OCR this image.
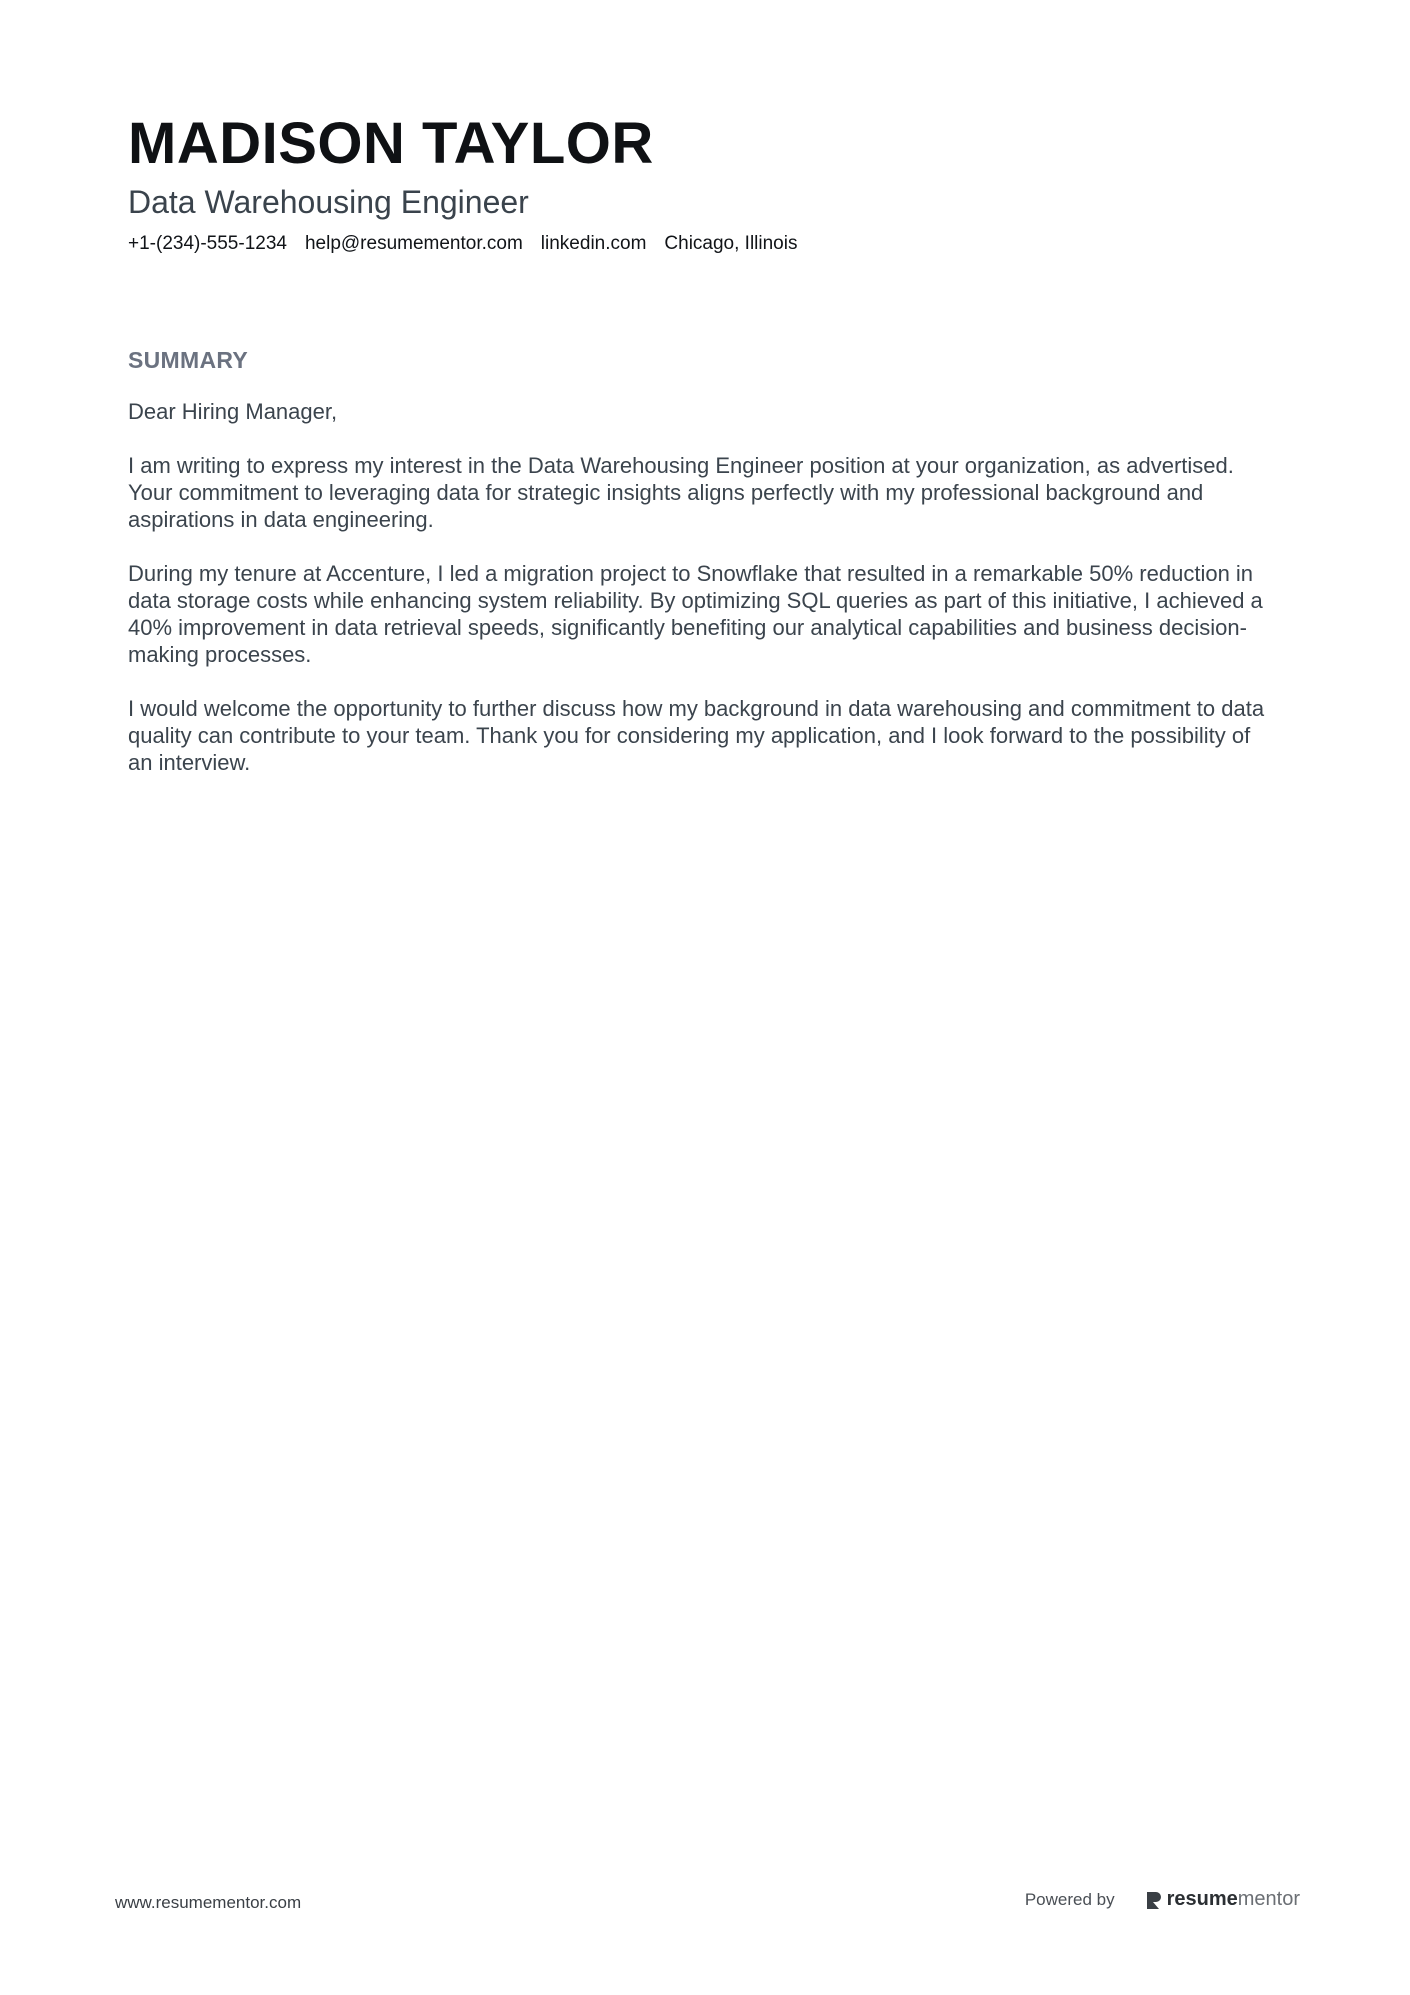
MADISON TAYLOR
Data Warehousing Engineer
+1-(234)-555-1234 help@resumementor.com linkedin.com Chicago, Illinois
SUMMARY

Dear Hiring Manager,

I am writing to express my interest in the Data Warehousing Engineer position at your organization, as advertised. Your commitment to leveraging data for strategic insights aligns perfectly with my professional background and aspirations in data engineering.

During my tenure at Accenture, I led a migration project to Snowflake that resulted in a remarkable 50% reduction in data storage costs while enhancing system reliability. By optimizing SQL queries as part of this initiative, I achieved a 40% improvement in data retrieval speeds, significantly benefiting our analytical capabilities and business decision-making processes.

I would welcome the opportunity to further discuss how my background in data warehousing and commitment to data quality can contribute to your team. Thank you for considering my application, and I look forward to the possibility of an interview.

www.resumementor.com	Powered by	resume mentor
